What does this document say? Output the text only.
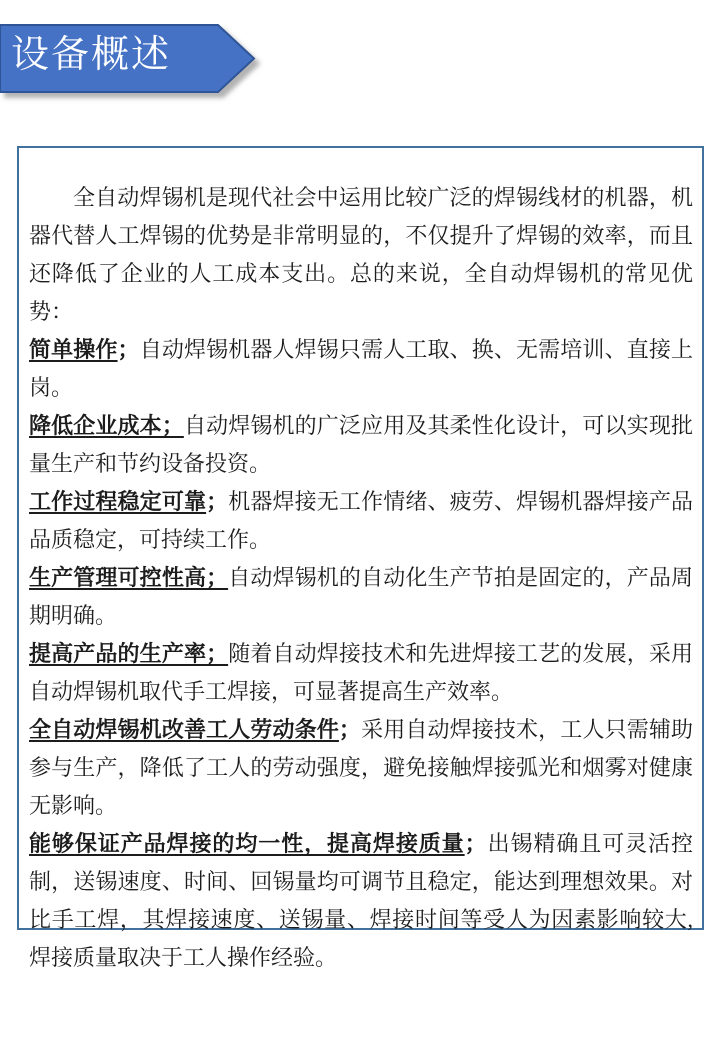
设备概述

全自动焊锡机是现代社会中运用比较广泛的焊锡线材的机器，机器代替人工焊锡的优势是非常明显的，不仅提升了焊锡的效率，而且还降低了企业的人工成本支出。总的来说，全自动焊锡机的常见优势：

简单操作；自动焊锡机器人焊锡只需人工取、换、无需培训、直接上岗。

降低企业成本；自动焊锡机的广泛应用及其柔性化设计，可以实现批量生产和节约设备投资。

工作过程稳定可靠；机器焊接无工作情绪、疲劳、焊锡机器焊接产品品质稳定，可持续工作。

生产管理可控性高；自动焊锡机的自动化生产节拍是固定的，产品周期明确。

提高产品的生产率；随着自动焊接技术和先进焊接工艺的发展，采用自动焊锡机取代手工焊接，可显著提高生产效率。

全自动焊锡机改善工人劳动条件；采用自动焊接技术，工人只需辅助参与生产，降低了工人的劳动强度，避免接触焊接弧光和烟雾对健康无影响。

能够保证产品焊接的均一性，提高焊接质量；出锡精确且可灵活控制，送锡速度、时间、回锡量均可调节且稳定，能达到理想效果。对比手工焊，其焊接速度、送锡量、焊接时间等受人为因素影响较大,焊接质量取决于工人操作经验。
